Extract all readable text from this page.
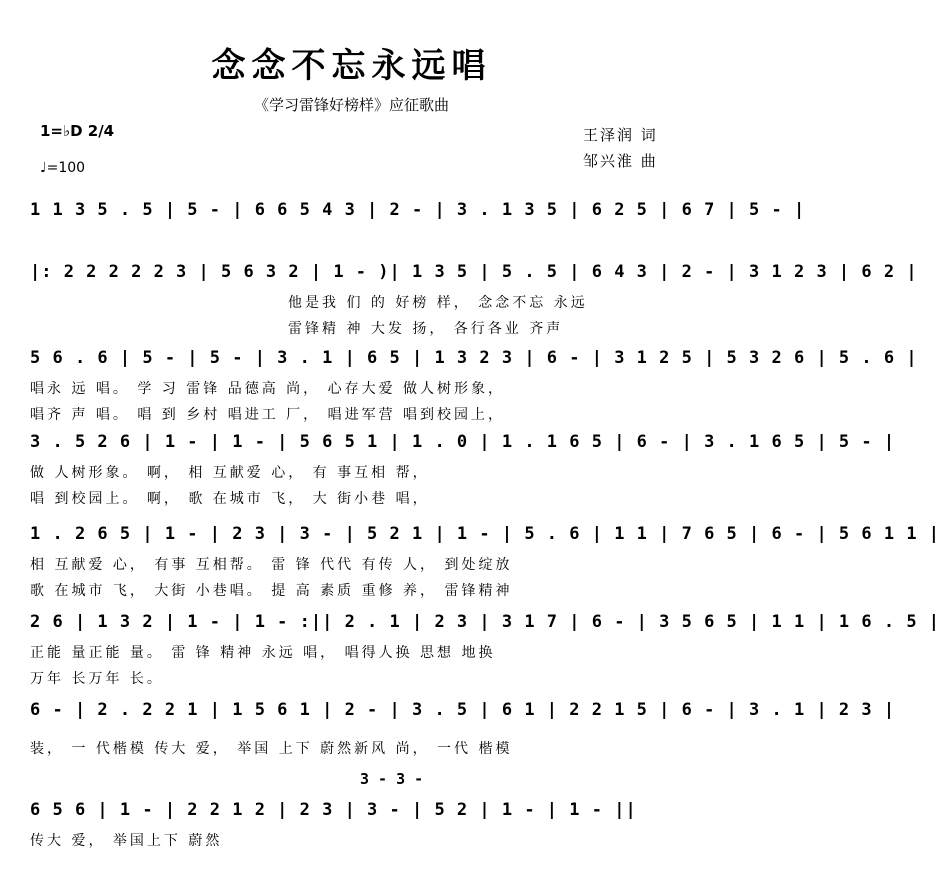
念念不忘永远唱
《学习雷锋好榜样》应征歌曲
1=♭D 2/4
♩=100
王泽润 词
邹兴淮 曲
1 1 3 5 . 5 | 5 - | 6 6 5 4 3 | 2 - | 3 . 1 3 5 | 6 2 5 | 6 7 | 5 - |
|: 2 2 2 2 2 3 | 5 6 3 2 | 1 - )| 1 3 5 | 5 . 5 | 6 4 3 | 2 - | 3 1 2 3 | 6 2 |
他是我 们 的 好榜 样， 念念不忘 永远
雷锋精 神 大发 扬， 各行各业 齐声
5 6 . 6 | 5 - | 5 - | 3 . 1 | 6 5 | 1 3 2 3 | 6 - | 3 1 2 5 | 5 3 2 6 | 5 . 6 |
唱永 远 唱。 学 习 雷锋 品德高 尚， 心存大爱 做人树形象，
唱齐 声 唱。 唱 到 乡村 唱进工 厂， 唱进军营 唱到校园上，
3 . 5 2 6 | 1 - | 1 - | 5 6 5 1 | 1 . 0 | 1 . 1 6 5 | 6 - | 3 . 1 6 5 | 5 - |
做 人树形象。 啊， 相 互献爱 心， 有 事互相 帮，
唱 到校园上。 啊， 歌 在城市 飞， 大 街小巷 唱，
1 . 2 6 5 | 1 - | 2 3 | 3 - | 5 2 1 | 1 - | 5 . 6 | 1 1 | 7 6 5 | 6 - | 5 6 1 1 |
相 互献爱 心， 有事 互相帮。 雷 锋 代代 有传 人， 到处绽放
歌 在城市 飞， 大街 小巷唱。 提 高 素质 重修 养， 雷锋精神
2 6 | 1 3 2 | 1 - | 1 - :|| 2 . 1 | 2 3 | 3 1 7 | 6 - | 3 5 6 5 | 1 1 | 1 6 . 5 |
正能 量正能 量。 雷 锋 精神 永远 唱， 唱得人换 思想 地换
万年 长万年 长。
6 - | 2 . 2 2 1 | 1 5 6 1 | 2 - | 3 . 5 | 6 1 | 2 2 1 5 | 6 - | 3 . 1 | 2 3 |
装， 一 代楷模 传大 爱， 举国 上下 蔚然新风 尚， 一代 楷模
3 - 3 -
6 5 6 | 1 - | 2 2 1 2 | 2 3 | 3 - | 5 2 | 1 - | 1 - ||
传大 爱， 举国上下 蔚然
